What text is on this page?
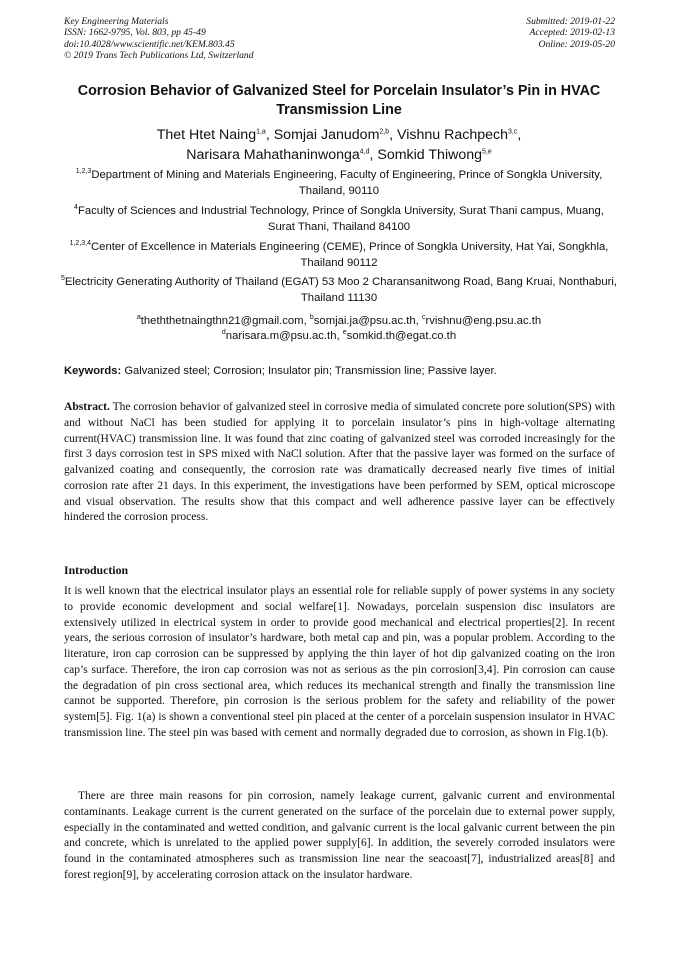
Key Engineering Materials
ISSN: 1662-9795, Vol. 803, pp 45-49
doi:10.4028/www.scientific.net/KEM.803.45
© 2019 Trans Tech Publications Ltd, Switzerland
Submitted: 2019-01-22
Accepted: 2019-02-13
Online: 2019-05-20
Corrosion Behavior of Galvanized Steel for Porcelain Insulator’s Pin in HVAC Transmission Line
Thet Htet Naing$^{1,a}$, Somjai Janudom$^{2,b}$, Vishnu Rachpech$^{3,c}$,
Narisara Mahathaninwonga$^{4,d}$, Somkid Thiwong$^{5,e}$
$^{1,2,3}$Department of Mining and Materials Engineering, Faculty of Engineering, Prince of Songkla University, Thailand, 90110
$^4$Faculty of Sciences and Industrial Technology, Prince of Songkla University, Surat Thani campus, Muang, Surat Thani, Thailand 84100
$^{1,2,3,4}$Center of Excellence in Materials Engineering (CEME), Prince of Songkla University, Hat Yai, Songkhla, Thailand 90112
$^5$Electricity Generating Authority of Thailand (EGAT) 53 Moo 2 Charansanitwong Road, Bang Kruai, Nonthaburi, Thailand 11130
$^a$theththetnaingthn21@gmail.com, $^b$somjai.ja@psu.ac.th, $^c$rvishnu@eng.psu.ac.th
$^d$narisara.m@psu.ac.th, $^e$somkid.th@egat.co.th
Keywords: Galvanized steel; Corrosion; Insulator pin; Transmission line; Passive layer.
Abstract. The corrosion behavior of galvanized steel in corrosive media of simulated concrete pore solution(SPS) with and without NaCl has been studied for applying it to porcelain insulator’s pins in high-voltage alternating current(HVAC) transmission line. It was found that zinc coating of galvanized steel was corroded increasingly for the first 3 days corrosion test in SPS mixed with NaCl solution. After that the passive layer was formed on the surface of galvanized coating and consequently, the corrosion rate was dramatically decreased nearly five times of initial corrosion rate after 21 days. In this experiment, the investigations have been performed by SEM, optical microscope and visual observation. The results show that this compact and well adherence passive layer can be effectively hindered the corrosion process.
Introduction
It is well known that the electrical insulator plays an essential role for reliable supply of power systems in any society to provide economic development and social welfare[1]. Nowadays, porcelain suspension disc insulators are extensively utilized in electrical system in order to provide good mechanical and electrical properties[2]. In recent years, the serious corrosion of insulator’s hardware, both metal cap and pin, was a popular problem. According to the literature, iron cap corrosion can be suppressed by applying the thin layer of hot dip galvanized coating on the iron cap’s surface. Therefore, the iron cap corrosion was not as serious as the pin corrosion[3,4]. Pin corrosion can cause the degradation of pin cross sectional area, which reduces its mechanical strength and finally the transmission line cannot be supported. Therefore, pin corrosion is the serious problem for the safety and reliability of the power system[5]. Fig. 1(a) is shown a conventional steel pin placed at the center of a porcelain suspension insulator in HVAC transmission line. The steel pin was based with cement and normally degraded due to corrosion, as shown in Fig.1(b).
There are three main reasons for pin corrosion, namely leakage current, galvanic current and environmental contaminants. Leakage current is the current generated on the surface of the porcelain due to external power supply, especially in the contaminated and wetted condition, and galvanic current is the local galvanic current between the pin and concrete, which is unrelated to the applied power supply[6]. In addition, the severely corroded insulators were found in the contaminated atmospheres such as transmission line near the seacoast[7], industrialized areas[8] and forest region[9], by accelerating corrosion attack on the insulator hardware.
